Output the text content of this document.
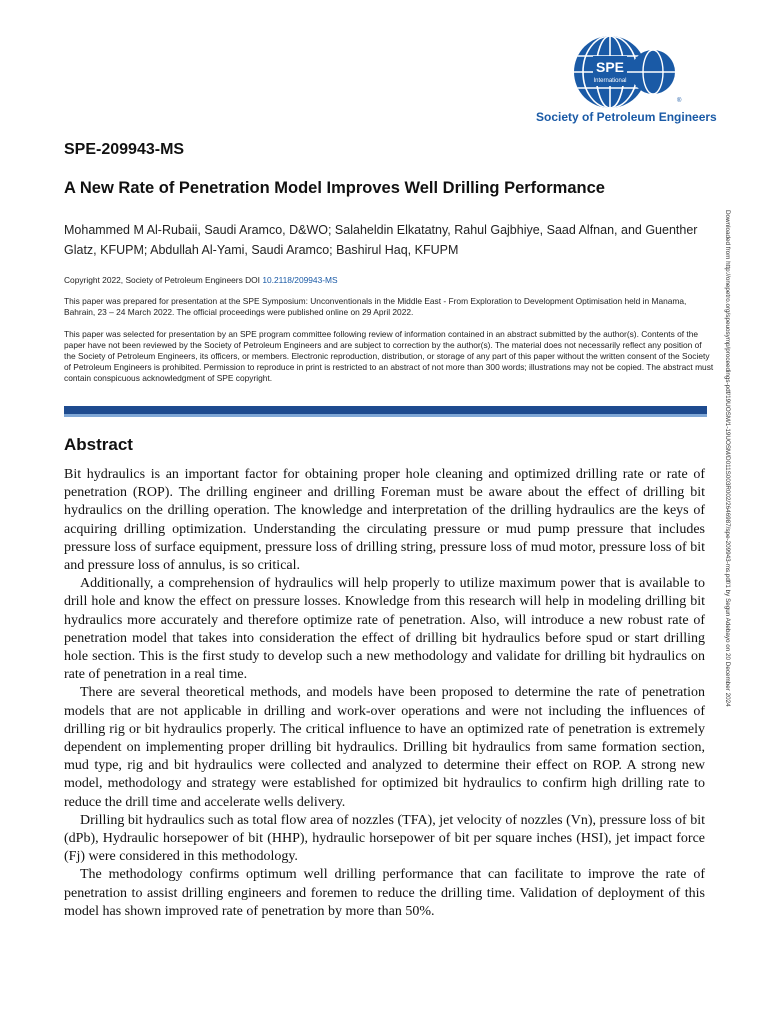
SPE
International
®
Society of Petroleum Engineers
SPE-209943-MS
A New Rate of Penetration Model Improves Well Drilling Performance
Mohammed M Al-Rubaii, Saudi Aramco, D&WO; Salaheldin Elkatatny, Rahul Gajbhiye, Saad Alfnan, and Guenther Glatz, KFUPM; Abdullah Al-Yami, Saudi Aramco; Bashirul Haq, KFUPM
Copyright 2022, Society of Petroleum Engineers DOI 10.2118/209943-MS
This paper was prepared for presentation at the SPE Symposium: Unconventionals in the Middle East - From Exploration to Development Optimisation held in Manama, Bahrain, 23 – 24 March 2022. The official proceedings were published online on 29 April 2022.
This paper was selected for presentation by an SPE program committee following review of information contained in an abstract submitted by the author(s). Contents of the paper have not been reviewed by the Society of Petroleum Engineers and are subject to correction by the author(s). The material does not necessarily reflect any position of the Society of Petroleum Engineers, its officers, or members. Electronic reproduction, distribution, or storage of any part of this paper without the written consent of the Society of Petroleum Engineers is prohibited. Permission to reproduce in print is restricted to an abstract of not more than 300 words; illustrations may not be copied. The abstract must contain conspicuous acknowledgment of SPE copyright.
Abstract

Bit hydraulics is an important factor for obtaining proper hole cleaning and optimized drilling rate or rate of penetration (ROP). The drilling engineer and drilling Foreman must be aware about the effect of drilling bit hydraulics on the drilling operation. The knowledge and interpretation of the drilling hydraulics are the keys of acquiring drilling optimization. Understanding the circulating pressure or mud pump pressure that includes pressure loss of surface equipment, pressure loss of drilling string, pressure loss of mud motor, pressure loss of bit and pressure loss of annulus, is so critical.

Additionally, a comprehension of hydraulics will help properly to utilize maximum power that is available to drill hole and know the effect on pressure losses. Knowledge from this research will help in modeling drilling bit hydraulics more accurately and therefore optimize rate of penetration. Also, will introduce a new robust rate of penetration model that takes into consideration the effect of drilling bit hydraulics before spud or start drilling hole section. This is the first study to develop such a new methodology and validate for drilling bit hydraulics on rate of penetration in a real time.

There are several theoretical methods, and models have been proposed to determine the rate of penetration models that are not applicable in drilling and work-over operations and were not including the influences of drilling rig or bit hydraulics properly. The critical influence to have an optimized rate of penetration is extremely dependent on implementing proper drilling bit hydraulics. Drilling bit hydraulics from same formation section, mud type, rig and bit hydraulics were collected and analyzed to determine their effect on ROP. A strong new model, methodology and strategy were established for optimized bit hydraulics to confirm high drilling rate to reduce the drill time and accelerate wells delivery.

Drilling bit hydraulics such as total flow area of nozzles (TFA), jet velocity of nozzles (Vn), pressure loss of bit (dPb), Hydraulic horsepower of bit (HHP), hydraulic horsepower of bit per square inches (HSI), jet impact force (Fj) were considered in this methodology.

The methodology confirms optimum well drilling performance that can facilitate to improve the rate of penetration to assist drilling engineers and foremen to reduce the drilling time. Validation of deployment of this model has shown improved rate of penetration by more than 50%.

Downloaded from http://onepetro.org/speuosymp/proceedings-pdf/19UOSM/1-19UOSM/D011S003R002/2646987/spe-209943-ms.pdf/1 by Segun Adebayo on 20 December 2024
